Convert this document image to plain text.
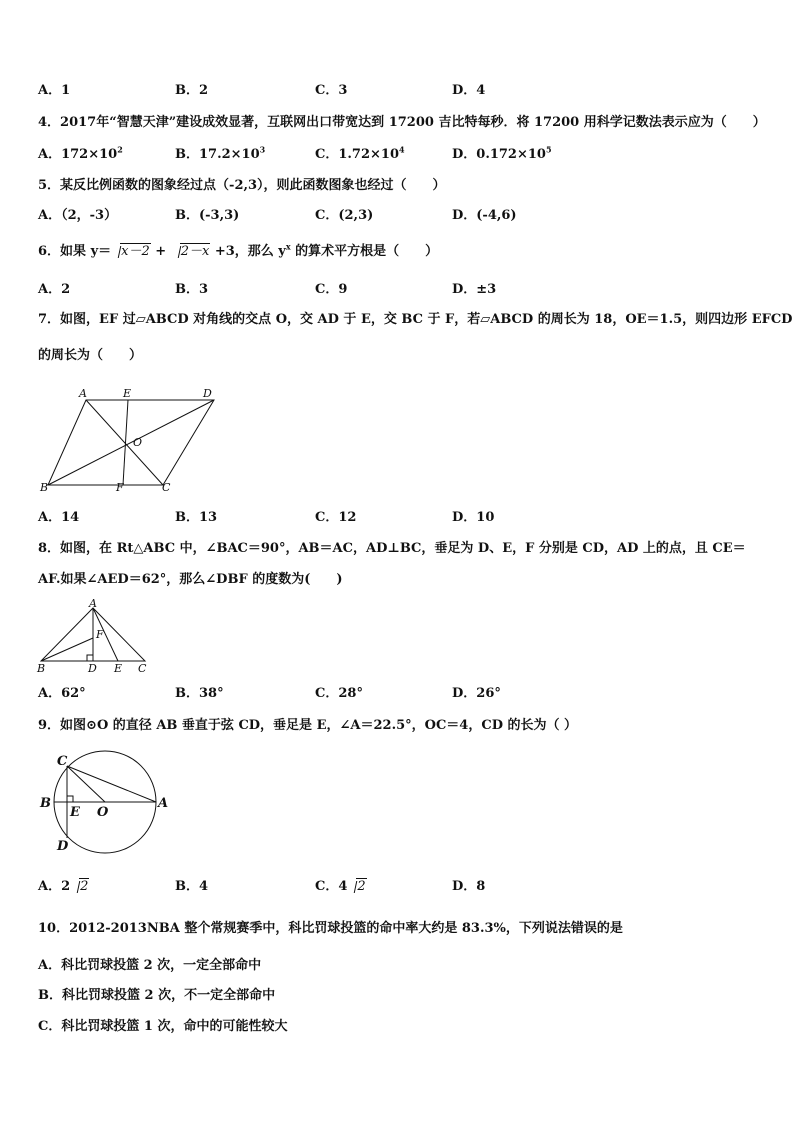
A．1	B．2	C．3	D．4
4．2017年“智慧天津”建设成效显著，互联网出口带宽达到 17200 吉比特每秒．将 17200 用科学记数法表示应为（　　）
A．$172\times 10^2$	B．$17.2\times 10^3$	C．$1.72\times 10^4$	D．$0.172\times 10^5$
5．某反比例函数的图象经过点（-2,3），则此函数图象也经过（　　）
A．（2，-3）	B．(-3,3)	C．(2,3)	D．(-4,6)
6．如果 y＝ x－2 + 2－x +3，那么 $y^x$ 的算术平方根是（　　）
A．2	B．3	C．9	D．±3
7．如图，EF 过▱ABCD 对角线的交点 O，交 AD 于 E，交 BC 于 F，若▱ABCD 的周长为 18，OE＝1.5，则四边形 EFCD
的周长为（　　）
A	E	D
O
B	F	C
A．14	B．13	C．12	D．10
8．如图，在 Rt△ABC 中，∠BAC＝90°，AB＝AC，AD⊥BC，垂足为 D、E，F 分别是 CD，AD 上的点，且 CE＝
AF.如果∠AED＝62°，那么∠DBF 的度数为(　　)
A
F
B	D E C
A．62°	B．38°	C．28°	D．26°
9．如图⊙O 的直径 AB 垂直于弦 CD，垂足是 E，∠A＝22.5°，OC＝4，CD 的长为（ ）
C
B
E O
A
D
A．2 2	B．4	C．4 2	D．8
10．2012-2013NBA 整个常规赛季中，科比罚球投篮的命中率大约是 83.3%，下列说法错误的是
A．科比罚球投篮 2 次，一定全部命中
B．科比罚球投篮 2 次，不一定全部命中
C．科比罚球投篮 1 次，命中的可能性较大
